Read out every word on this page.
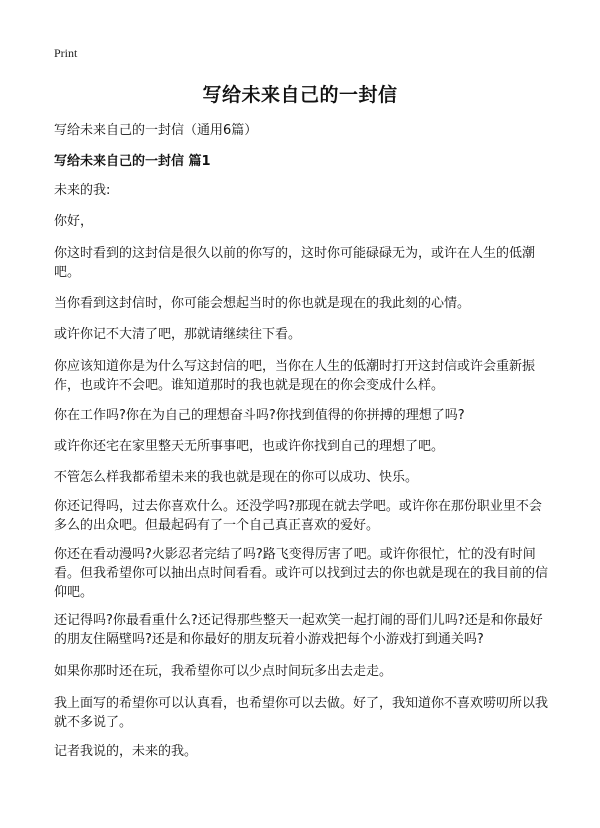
Print
写给未来自己的一封信

写给未来自己的一封信（通用6篇）

写给未来自己的一封信 篇1

未来的我:

你好，

你这时看到的这封信是很久以前的你写的，这时你可能碌碌无为，或许在人生的低潮吧。

当你看到这封信时，你可能会想起当时的你也就是现在的我此刻的心情。

或许你记不大清了吧，那就请继续往下看。

你应该知道你是为什么写这封信的吧，当你在人生的低潮时打开这封信或许会重新振作，也或许不会吧。谁知道那时的我也就是现在的你会变成什么样。

你在工作吗?你在为自己的理想奋斗吗?你找到值得的你拼搏的理想了吗?

或许你还宅在家里整天无所事事吧，也或许你找到自己的理想了吧。

不管怎么样我都希望未来的我也就是现在的你可以成功、快乐。

你还记得吗，过去你喜欢什么。还没学吗?那现在就去学吧。或许你在那份职业里不会多么的出众吧。但最起码有了一个自己真正喜欢的爱好。

你还在看动漫吗?火影忍者完结了吗?路飞变得厉害了吧。或许你很忙，忙的没有时间看。但我希望你可以抽出点时间看看。或许可以找到过去的你也就是现在的我目前的信仰吧。

还记得吗?你最看重什么?还记得那些整天一起欢笑一起打闹的哥们儿吗?还是和你最好的朋友住隔壁吗?还是和你最好的朋友玩着小游戏把每个小游戏打到通关吗?

如果你那时还在玩，我希望你可以少点时间玩多出去走走。

我上面写的希望你可以认真看，也希望你可以去做。好了，我知道你不喜欢唠叨所以我就不多说了。

记者我说的，未来的我。
